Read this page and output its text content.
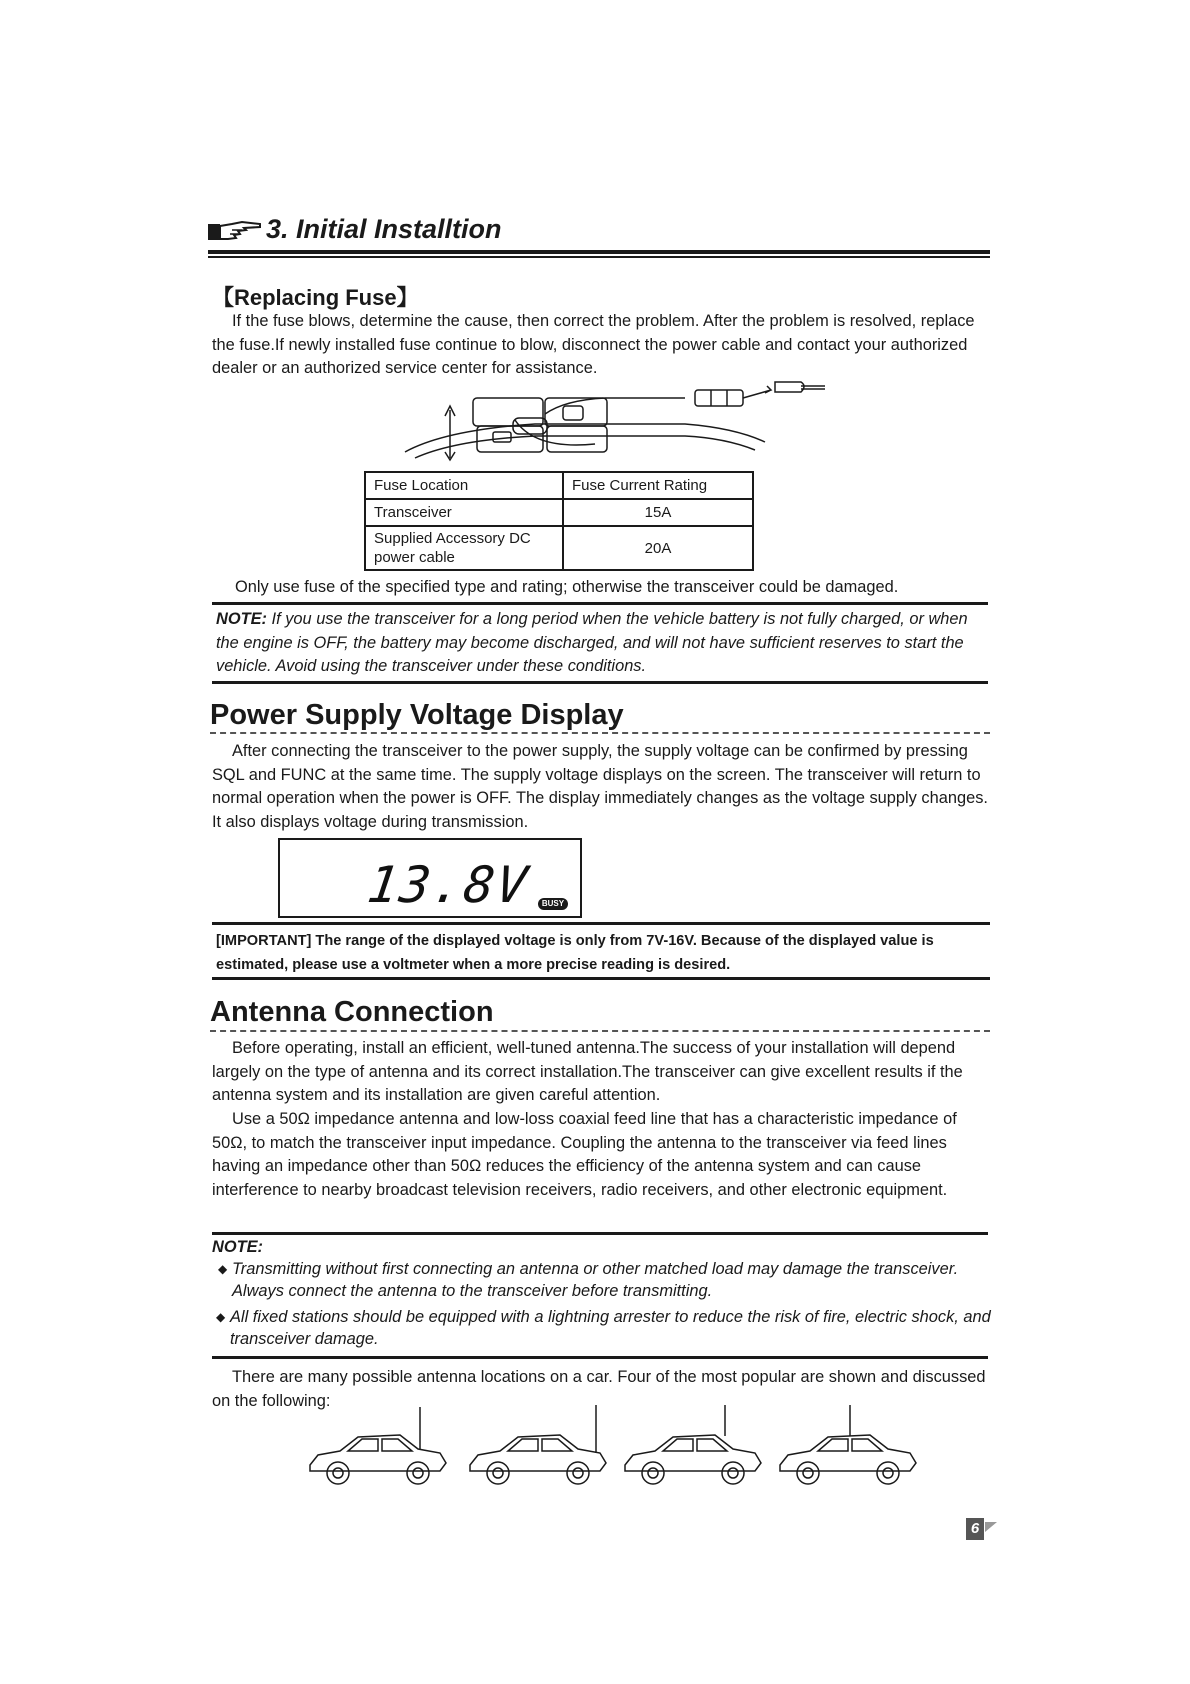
3. Initial Installtion
【Replacing Fuse】

If the fuse blows, determine the cause, then correct the problem. After the problem is resolved, replace the fuse.If newly installed fuse continue to blow, disconnect the power cable and contact your authorized dealer or an authorized service center for assistance.

Fuse Location	Fuse Current Rating
Transceiver	15A
Supplied Accessory DC power cable	20A
Only use fuse of the specified type and rating; otherwise the transceiver could be damaged.
NOTE: If you use the transceiver for a long period when the vehicle battery is not fully charged, or when the engine is OFF, the battery may become discharged, and will not have sufficient reserves to start the vehicle. Avoid using the transceiver under these conditions.
Power Supply Voltage Display

After connecting the transceiver to the power supply, the supply voltage can be confirmed by pressing SQL and FUNC at the same time. The supply voltage displays on the screen. The transceiver will return to normal operation when the power is OFF. The display immediately changes as the voltage supply changes. It also displays voltage during transmission.

13.8V	BUSY
[IMPORTANT] The range of the displayed voltage is only from 7V-16V. Because of the displayed value is estimated, please use a voltmeter when a more precise reading is desired.
Antenna Connection

Before operating, install an efficient, well-tuned antenna.The success of your installation will depend largely on the type of antenna and its correct installation.The transceiver can give excellent results if the antenna system and its installation are given careful attention.

Use a 50Ω impedance antenna and low-loss coaxial feed line that has a characteristic impedance of 50Ω, to match the transceiver input impedance. Coupling the antenna to the transceiver via feed lines having an impedance other than 50Ω reduces the efficiency of the antenna system and can cause interference to nearby broadcast television receivers, radio receivers, and other electronic equipment.

NOTE:
◆ Transmitting without first connecting an antenna or other matched load may damage the transceiver. Always connect the antenna to the transceiver before transmitting.
◆ All fixed stations should be equipped with a lightning arrester to reduce the risk of fire, electric shock, and transceiver damage.

There are many possible antenna locations on a car. Four of the most popular are shown and discussed on the following:

6
